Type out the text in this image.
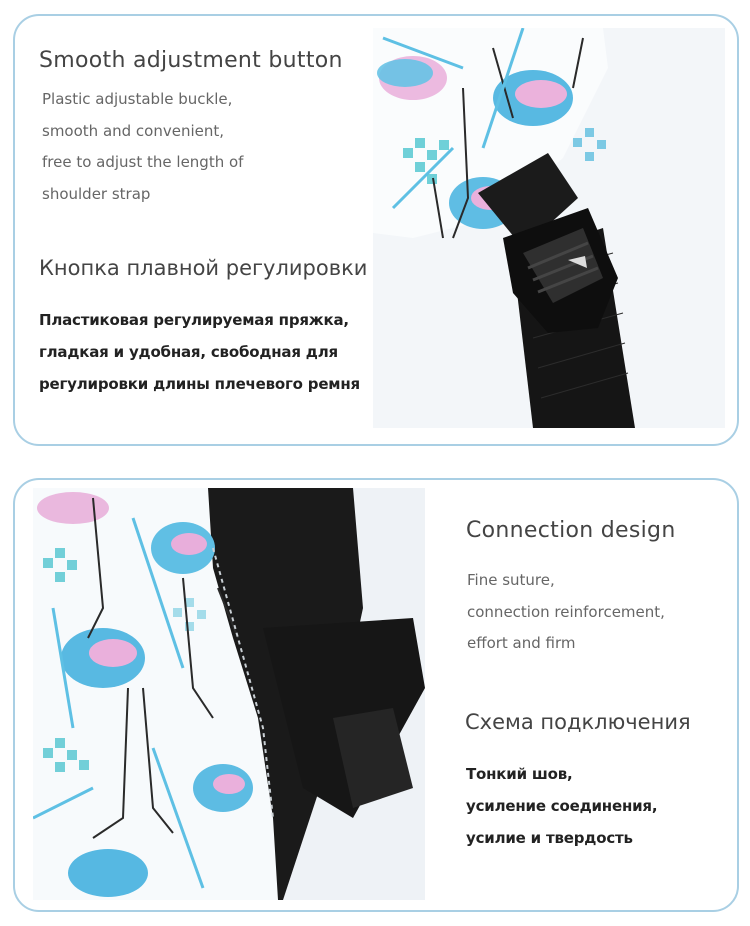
Smooth adjustment button
Plastic adjustable buckle,
smooth and convenient,
free to adjust the length of
shoulder strap
Кнопка плавной регулировки
Пластиковая регулируемая пряжка,
гладкая и удобная, свободная для
регулировки длины плечевого ремня
Connection design
Fine suture,
connection reinforcement,
effort and firm
Схема подключения
Тонкий шов,
усиление соединения,
усилие и твердость
